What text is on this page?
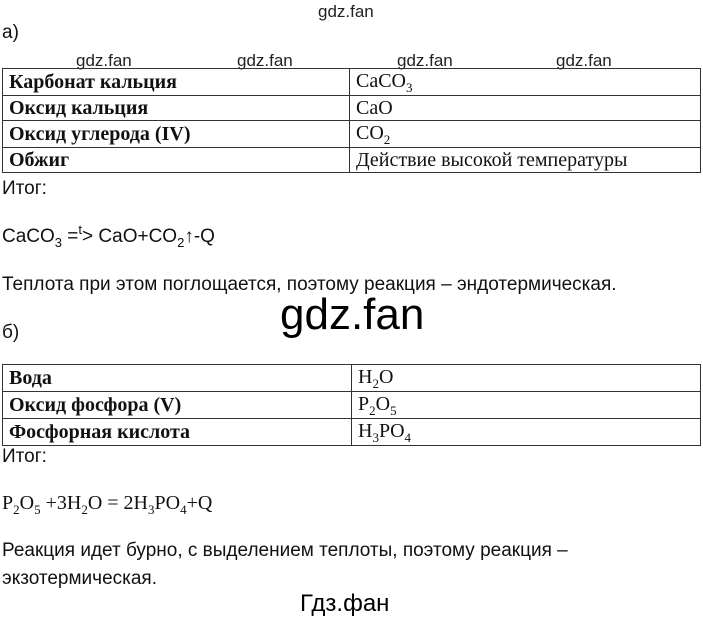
gdz.fan
gdz.fan	gdz.fan	gdz.fan	gdz.fan
а)
Карбонат кальция	CaCO$_3$
Оксид кальция	CaO
Оксид углерода (IV)	$CO_2$
Обжиг	Действие высокой температуры
Итог:
CaCO$_3$ $=^t> CaO+CO_2↑-Q$
Теплота при этом поглощается, поэтому реакция – эндотермическая.
gdz.fan
б)
Вода	$H_2O$
Оксид фосфора (V)	$P_2O_5$
Фосфорная кислота	$H_3PO_4$
Итог:
$P_2O_5 +3H_2O = 2H_3PO_4+Q$
Реакция идет бурно, с выделением теплоты, поэтому реакция –
экзотермическая.
Гдз.фан
